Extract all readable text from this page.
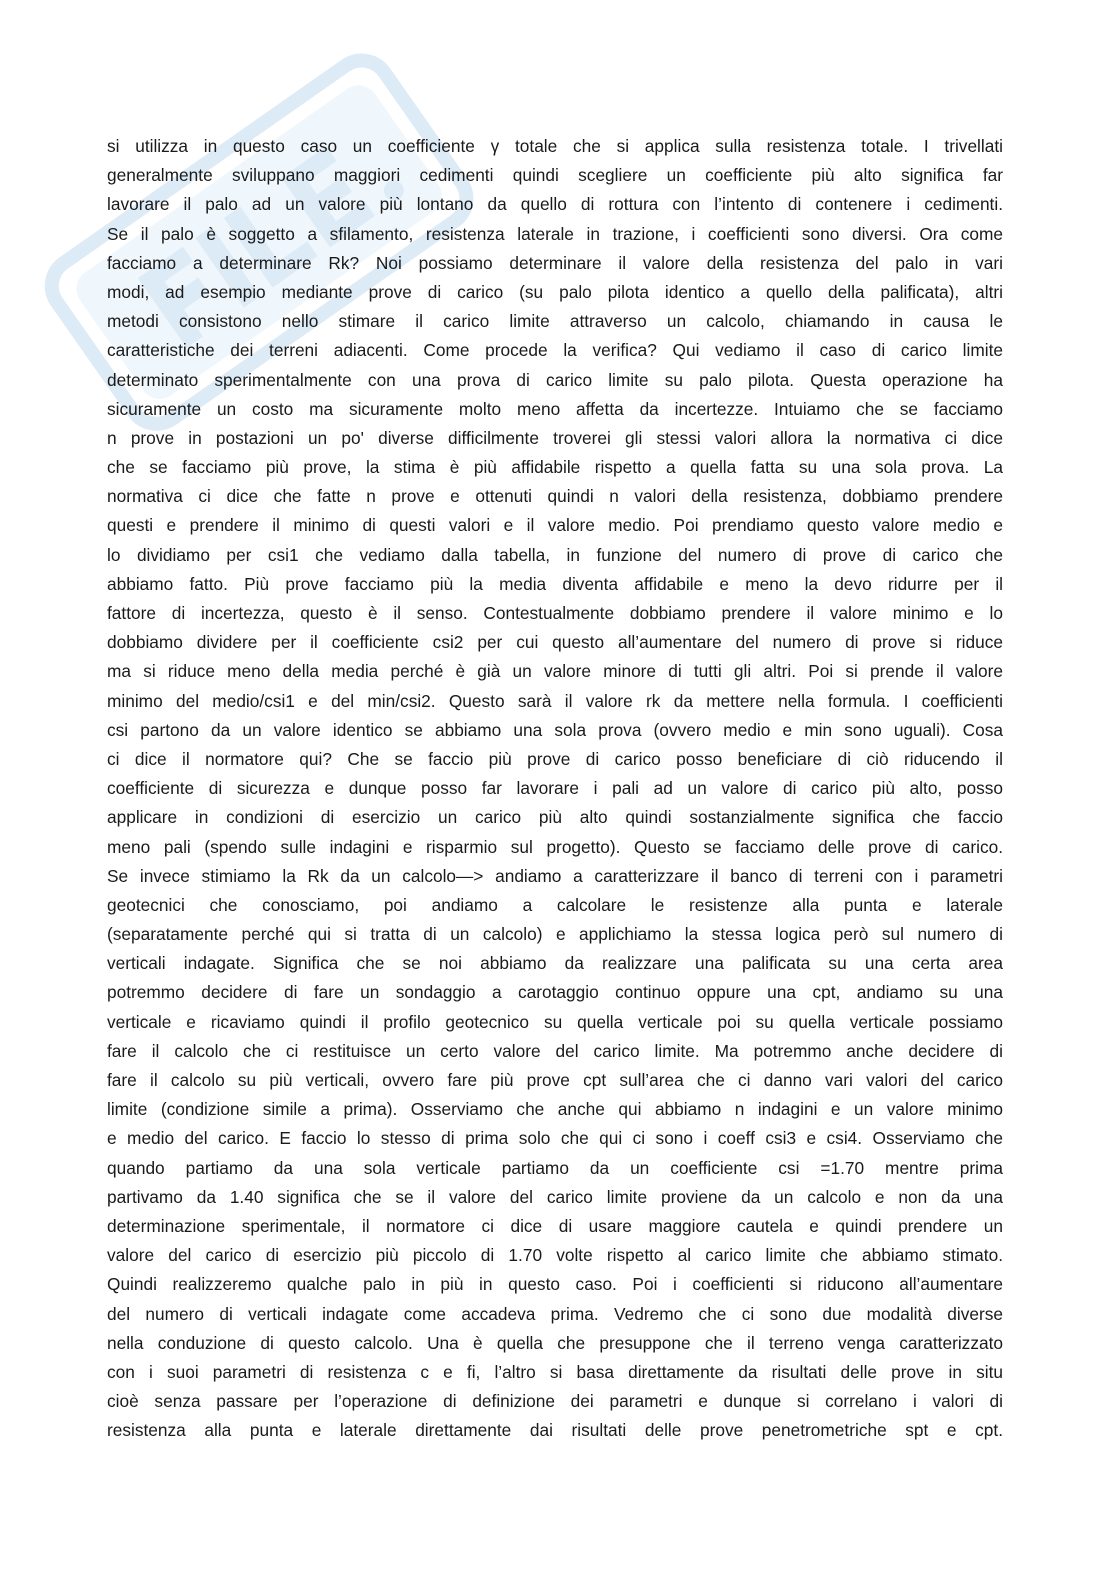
si utilizza in questo caso un coefficiente γ totale che si applica sulla resistenza totale. I trivellati
generalmente sviluppano maggiori cedimenti quindi scegliere un coefficiente più alto significa far
lavorare il palo ad un valore più lontano da quello di rottura con l’intento di contenere i cedimenti.
Se il palo è soggetto a sfilamento, resistenza laterale in trazione, i coefficienti sono diversi. Ora come
facciamo a determinare Rk? Noi possiamo determinare il valore della resistenza del palo in vari
modi, ad esempio mediante prove di carico (su palo pilota identico a quello della palificata), altri
metodi consistono nello stimare il carico limite attraverso un calcolo, chiamando in causa le
caratteristiche dei terreni adiacenti. Come procede la verifica? Qui vediamo il caso di carico limite
determinato sperimentalmente con una prova di carico limite su palo pilota. Questa operazione ha
sicuramente un costo ma sicuramente molto meno affetta da incertezze. Intuiamo che se facciamo
n prove in postazioni un po' diverse difficilmente troverei gli stessi valori allora la normativa ci dice
che se facciamo più prove, la stima è più affidabile rispetto a quella fatta su una sola prova. La
normativa ci dice che fatte n prove e ottenuti quindi n valori della resistenza, dobbiamo prendere
questi e prendere il minimo di questi valori e il valore medio. Poi prendiamo questo valore medio e
lo dividiamo per csi1 che vediamo dalla tabella, in funzione del numero di prove di carico che
abbiamo fatto. Più prove facciamo più la media diventa affidabile e meno la devo ridurre per il
fattore di incertezza, questo è il senso. Contestualmente dobbiamo prendere il valore minimo e lo
dobbiamo dividere per il coefficiente csi2 per cui questo all’aumentare del numero di prove si riduce
ma si riduce meno della media perché è già un valore minore di tutti gli altri. Poi si prende il valore
minimo del medio/csi1 e del min/csi2. Questo sarà il valore rk da mettere nella formula. I coefficienti
csi partono da un valore identico se abbiamo una sola prova (ovvero medio e min sono uguali). Cosa
ci dice il normatore qui? Che se faccio più prove di carico posso beneficiare di ciò riducendo il
coefficiente di sicurezza e dunque posso far lavorare i pali ad un valore di carico più alto, posso
applicare in condizioni di esercizio un carico più alto quindi sostanzialmente significa che faccio
meno pali (spendo sulle indagini e risparmio sul progetto). Questo se facciamo delle prove di carico.
Se invece stimiamo la Rk da un calcolo—> andiamo a caratterizzare il banco di terreni con i parametri
geotecnici che conosciamo, poi andiamo a calcolare le resistenze alla punta e laterale
(separatamente perché qui si tratta di un calcolo) e applichiamo la stessa logica però sul numero di
verticali indagate. Significa che se noi abbiamo da realizzare una palificata su una certa area
potremmo decidere di fare un sondaggio a carotaggio continuo oppure una cpt, andiamo su una
verticale e ricaviamo quindi il profilo geotecnico su quella verticale poi su quella verticale possiamo
fare il calcolo che ci restituisce un certo valore del carico limite. Ma potremmo anche decidere di
fare il calcolo su più verticali, ovvero fare più prove cpt sull’area che ci danno vari valori del carico
limite (condizione simile a prima). Osserviamo che anche qui abbiamo n indagini e un valore minimo
e medio del carico. E faccio lo stesso di prima solo che qui ci sono i coeff csi3 e csi4. Osserviamo che
quando partiamo da una sola verticale partiamo da un coefficiente csi =1.70 mentre prima
partivamo da 1.40 significa che se il valore del carico limite proviene da un calcolo e non da una
determinazione sperimentale, il normatore ci dice di usare maggiore cautela e quindi prendere un
valore del carico di esercizio più piccolo di 1.70 volte rispetto al carico limite che abbiamo stimato.
Quindi realizzeremo qualche palo in più in questo caso. Poi i coefficienti si riducono all’aumentare
del numero di verticali indagate come accadeva prima. Vedremo che ci sono due modalità diverse
nella conduzione di questo calcolo. Una è quella che presuppone che il terreno venga caratterizzato
con i suoi parametri di resistenza c e fi, l’altro si basa direttamente da risultati delle prove in situ
cioè senza passare per l’operazione di definizione dei parametri e dunque si correlano i valori di
resistenza alla punta e laterale direttamente dai risultati delle prove penetrometriche spt e cpt.
